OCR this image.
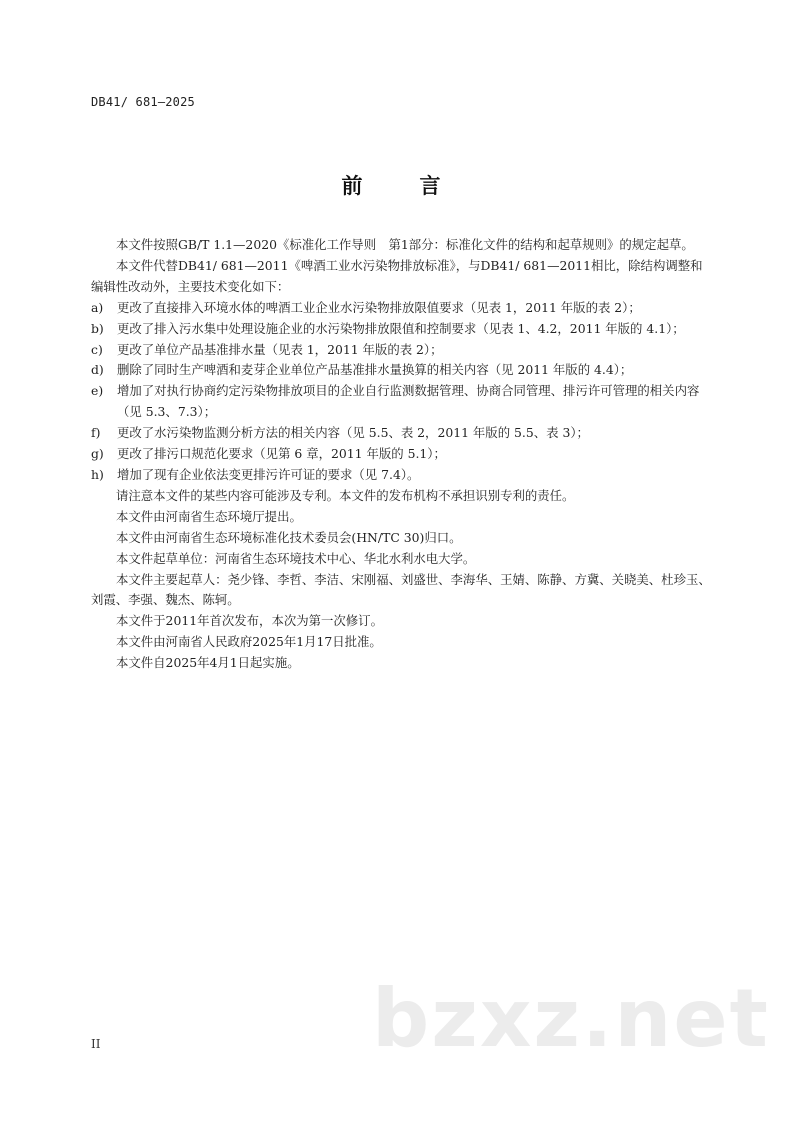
DB41/ 681—2025
前　言

本文件按照GB/T 1.1—2020《标准化工作导则　第1部分：标准化文件的结构和起草规则》的规定起草。

本文件代替DB41/ 681—2011《啤酒工业水污染物排放标准》，与DB41/ 681—2011相比，除结构调整和编辑性改动外，主要技术变化如下：

a)	更改了直接排入环境水体的啤酒工业企业水污染物排放限值要求（见表 1，2011 年版的表 2）；
b)	更改了排入污水集中处理设施企业的水污染物排放限值和控制要求（见表 1、4.2，2011 年版的 4.1）；
c)	更改了单位产品基准排水量（见表 1，2011 年版的表 2）；
d)	删除了同时生产啤酒和麦芽企业单位产品基准排水量换算的相关内容（见 2011 年版的 4.4）；
e)	增加了对执行协商约定污染物排放项目的企业自行监测数据管理、协商合同管理、排污许可管理的相关内容（见 5.3、7.3）；
f)	更改了水污染物监测分析方法的相关内容（见 5.5、表 2，2011 年版的 5.5、表 3）；
g)	更改了排污口规范化要求（见第 6 章，2011 年版的 5.1）；
h)	增加了现有企业依法变更排污许可证的要求（见 7.4）。

请注意本文件的某些内容可能涉及专利。本文件的发布机构不承担识别专利的责任。

本文件由河南省生态环境厅提出。

本文件由河南省生态环境标准化技术委员会(HN/TC 30)归口。

本文件起草单位：河南省生态环境技术中心、华北水利水电大学。

本文件主要起草人：尧少锋、李哲、李洁、宋刚福、刘盛世、李海华、王婧、陈静、方冀、关晓美、杜珍玉、刘霞、李强、魏杰、陈轲。

本文件于2011年首次发布，本次为第一次修订。

本文件由河南省人民政府2025年1月17日批准。

本文件自2025年4月1日起实施。

bzxz.net
II
